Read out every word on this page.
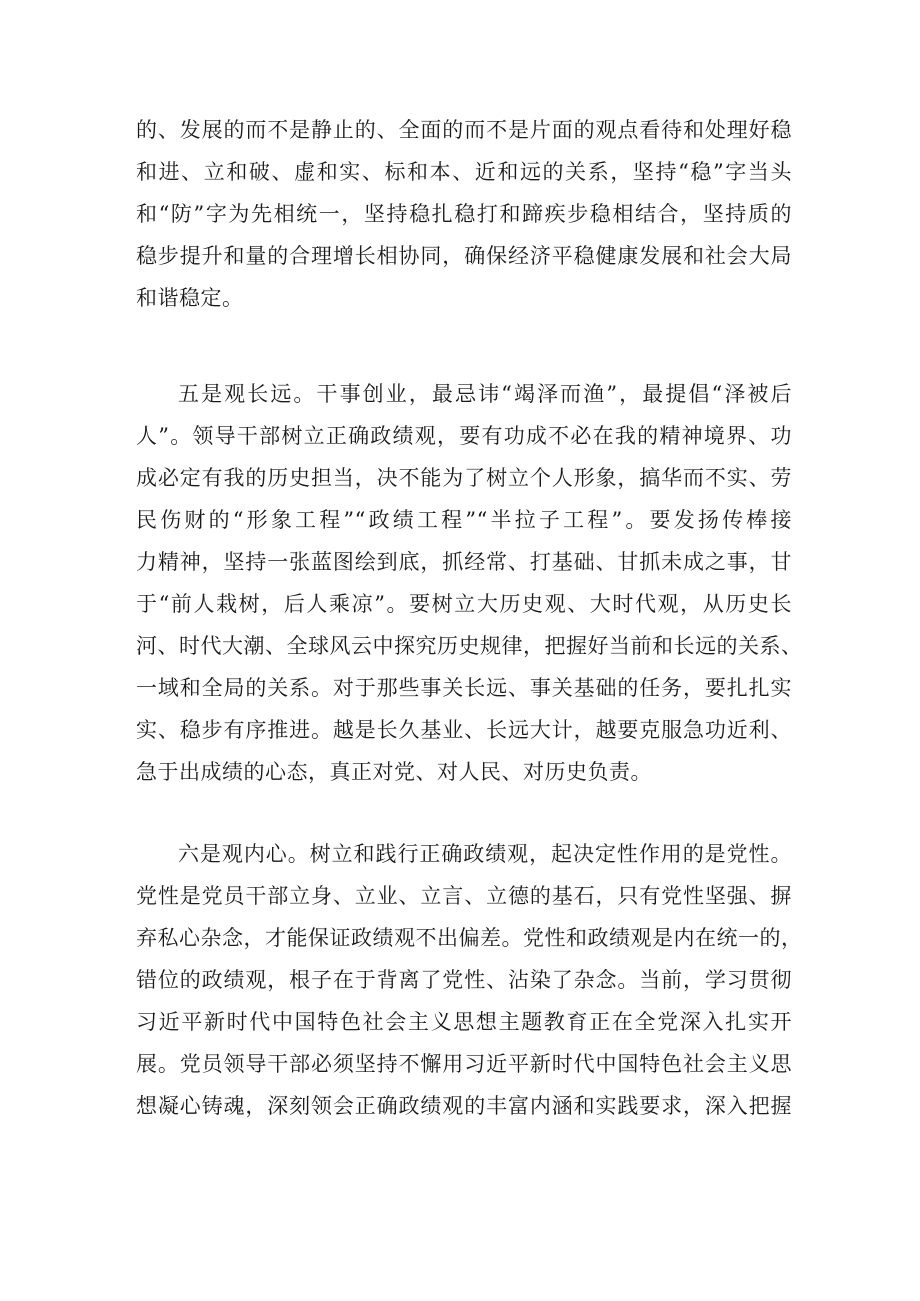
的、发展的而不是静止的、全面的而不是片面的观点看待和处理好稳
和进、立和破、虚和实、标和本、近和远的关系，坚持“稳”字当头
和“防”字为先相统一，坚持稳扎稳打和蹄疾步稳相结合，坚持质的
稳步提升和量的合理增长相协同，确保经济平稳健康发展和社会大局
和谐稳定。
五是观长远。干事创业，最忌讳“竭泽而渔”，最提倡“泽被后
人”。领导干部树立正确政绩观，要有功成不必在我的精神境界、功
成必定有我的历史担当，决不能为了树立个人形象，搞华而不实、劳
民伤财的“形象工程”“政绩工程”“半拉子工程”。要发扬传棒接
力精神，坚持一张蓝图绘到底，抓经常、打基础、甘抓未成之事，甘
于“前人栽树，后人乘凉”。要树立大历史观、大时代观，从历史长
河、时代大潮、全球风云中探究历史规律，把握好当前和长远的关系、
一域和全局的关系。对于那些事关长远、事关基础的任务，要扎扎实
实、稳步有序推进。越是长久基业、长远大计，越要克服急功近利、
急于出成绩的心态，真正对党、对人民、对历史负责。
六是观内心。树立和践行正确政绩观，起决定性作用的是党性。
党性是党员干部立身、立业、立言、立德的基石，只有党性坚强、摒
弃私心杂念，才能保证政绩观不出偏差。党性和政绩观是内在统一的，
错位的政绩观，根子在于背离了党性、沾染了杂念。当前，学习贯彻
习近平新时代中国特色社会主义思想主题教育正在全党深入扎实开
展。党员领导干部必须坚持不懈用习近平新时代中国特色社会主义思
想凝心铸魂，深刻领会正确政绩观的丰富内涵和实践要求，深入把握
